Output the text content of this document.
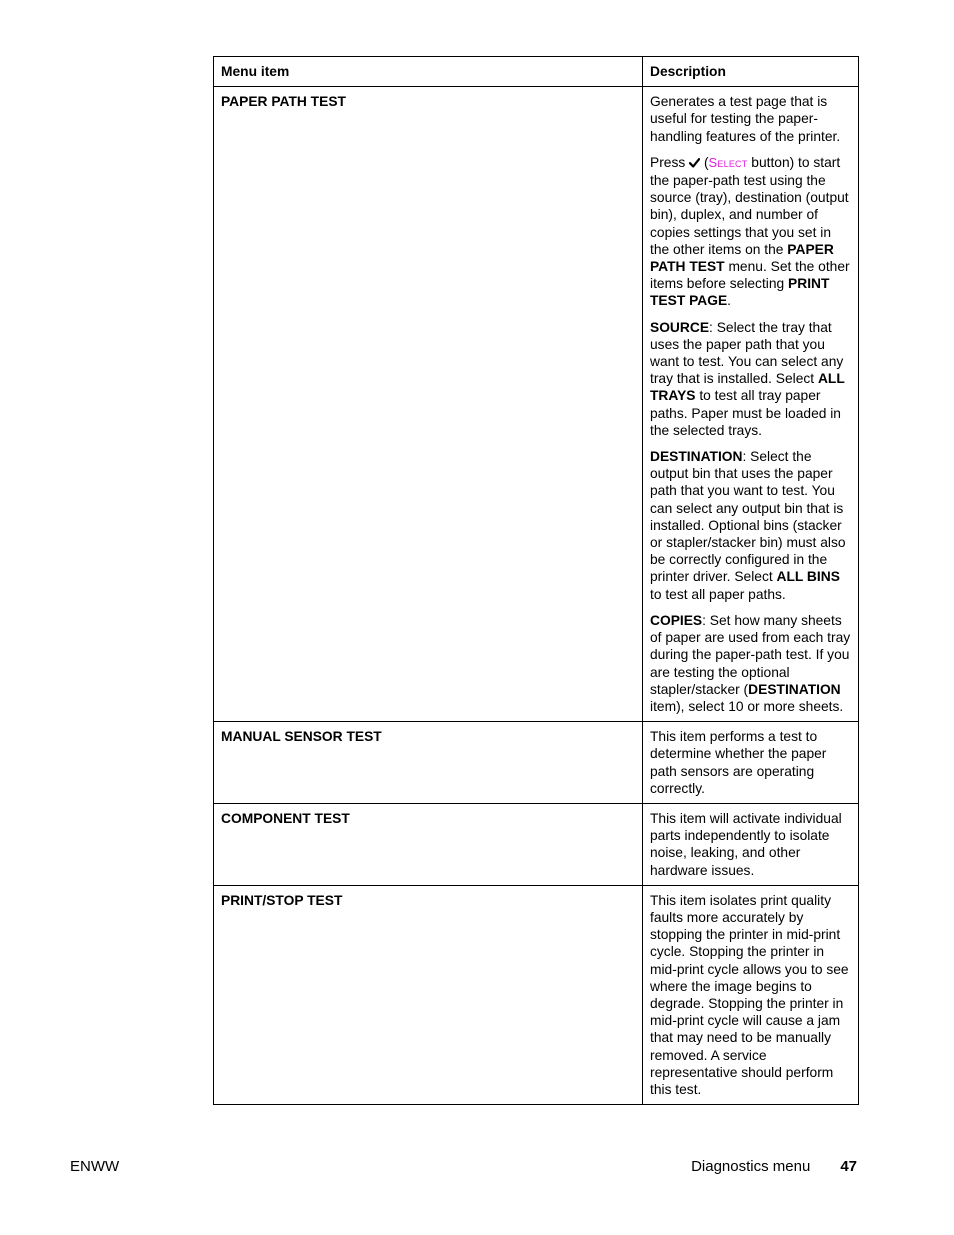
Menu item	Description
PAPER PATH TEST	Generates a test page that is useful for testing the paper-handling features of the printer.

Press  (Select button) to start the paper-path test using the source (tray), destination (output bin), duplex, and number of copies settings that you set in the other items on the PAPER PATH TEST menu. Set the other items before selecting PRINT TEST PAGE.

SOURCE: Select the tray that uses the paper path that you want to test. You can select any tray that is installed. Select ALL TRAYS to test all tray paper paths. Paper must be loaded in the selected trays.

DESTINATION: Select the output bin that uses the paper path that you want to test. You can select any output bin that is installed. Optional bins (stacker or stapler/stacker bin) must also be correctly configured in the printer driver. Select ALL BINS to test all paper paths.

COPIES: Set how many sheets of paper are used from each tray during the paper-path test. If you are testing the optional stapler/stacker (DESTINATION item), select 10 or more sheets.

MANUAL SENSOR TEST	This item performs a test to determine whether the paper path sensors are operating correctly.

COMPONENT TEST	This item will activate individual parts independently to isolate noise, leaking, and other hardware issues.

PRINT/STOP TEST	This item isolates print quality faults more accurately by stopping the printer in mid-print cycle. Stopping the printer in mid-print cycle allows you to see where the image begins to degrade. Stopping the printer in mid-print cycle will cause a jam that may need to be manually removed. A service representative should perform this test.

ENWW	Diagnostics menu 47
